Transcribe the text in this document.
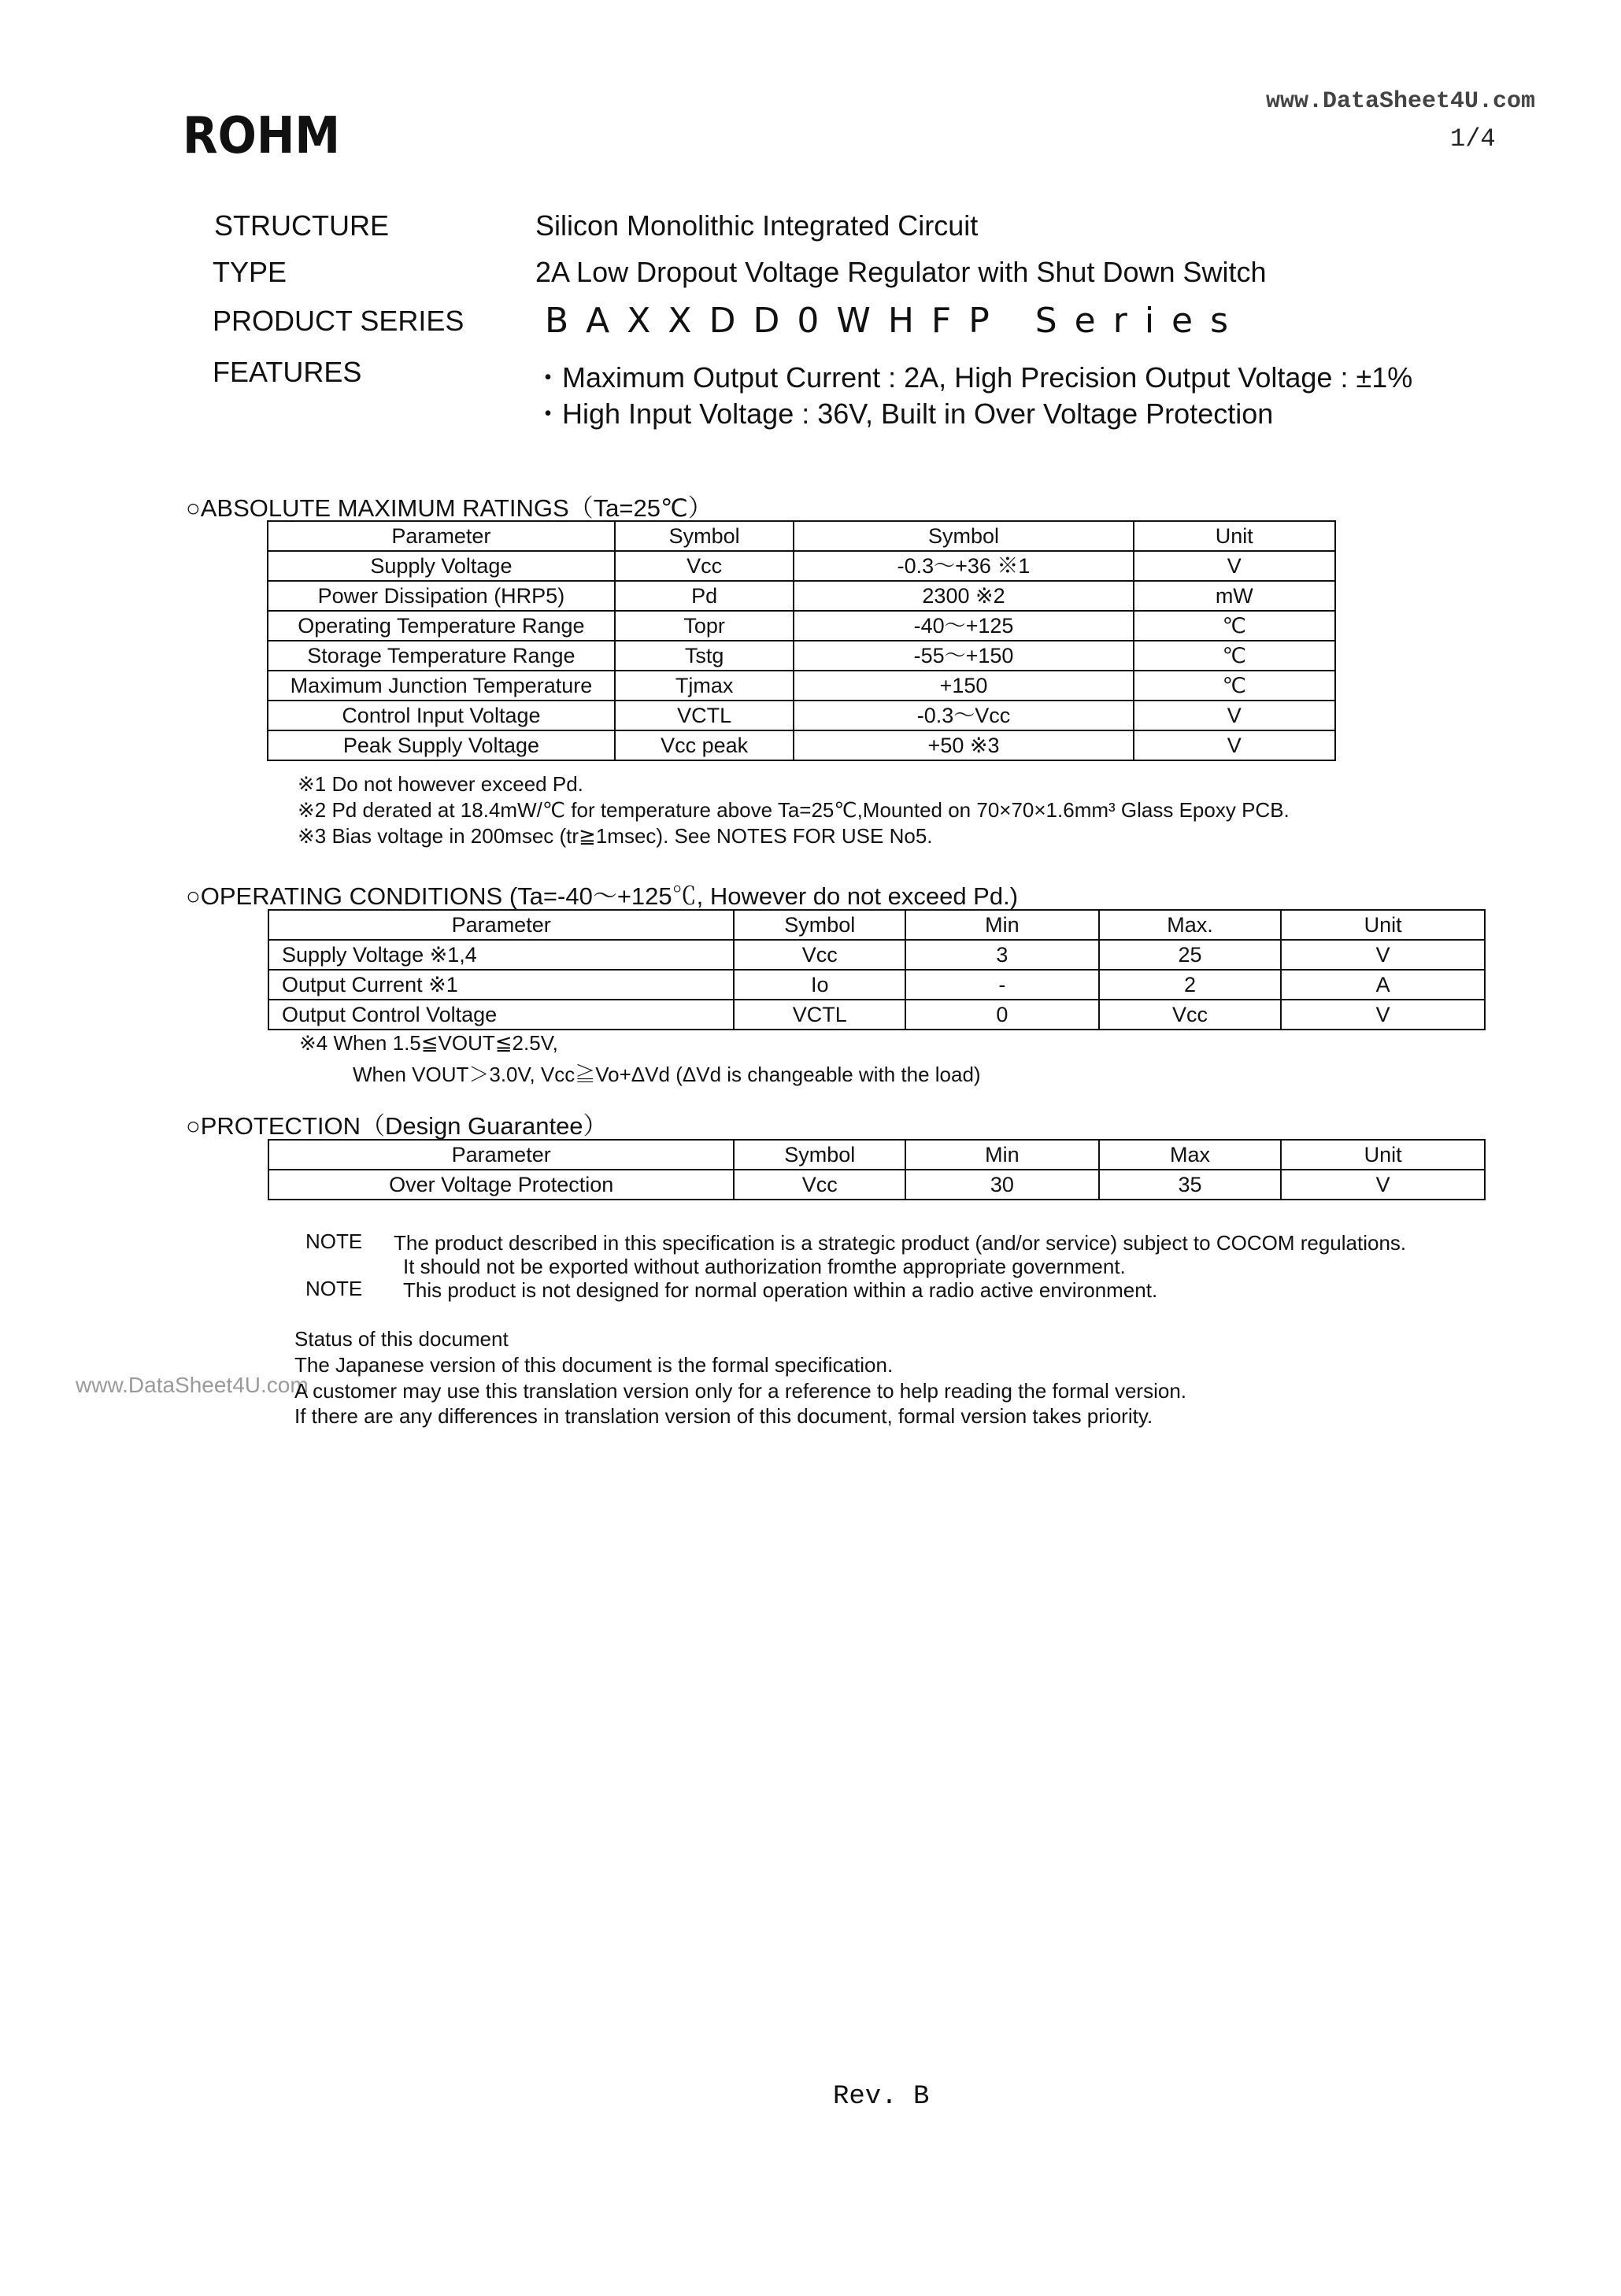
ROHM
www.DataSheet4U.com
1/4
STRUCTURE	Silicon Monolithic Integrated Circuit
TYPE	2A Low Dropout Voltage Regulator with Shut Down Switch
PRODUCT SERIES BAXXDD0WHFP Series
FEATURES	・Maximum Output Current : 2A, High Precision Output Voltage : ±1%
・High Input Voltage : 36V, Built in Over Voltage Protection
○ABSOLUTE MAXIMUM RATINGS（Ta=25℃）
Parameter	Symbol	Symbol	Unit
Supply Voltage	Vcc	-0.3～+36 ※1	V
Power Dissipation (HRP5)	Pd	2300 ※2	mW
Operating Temperature Range	Topr	-40～+125	℃
Storage Temperature Range	Tstg	-55～+150	℃
Maximum Junction Temperature	Tjmax	+150	℃
Control Input Voltage	VCTL	-0.3～Vcc	V
Peak Supply Voltage	Vcc peak	+50 ※3	V
※1 Do not however exceed Pd.
※2 Pd derated at 18.4mW/℃ for temperature above Ta=25℃,Mounted on 70×70×1.6mm³ Glass Epoxy PCB.
※3 Bias voltage in 200msec (tr≧1msec). See NOTES FOR USE No5.
○OPERATING CONDITIONS (Ta=-40～+125℃, However do not exceed Pd.)
Parameter	Symbol	Min	Max.	Unit
Supply Voltage ※1,4	Vcc	3	25	V
Output Current ※1	Io	-	2	A
Output Control Voltage	VCTL	0	Vcc	V
※4 When 1.5≦VOUT≦2.5V,
When VOUT＞3.0V, Vcc≧Vo+ΔVd (ΔVd is changeable with the load)
○PROTECTION（Design Guarantee）
Parameter	Symbol	Min	Max	Unit
Over Voltage Protection	Vcc	30	35	V
NOTE The product described in this specification is a strategic product (and/or service) subject to COCOM regulations.
It should not be exported without authorization fromthe appropriate government.
NOTE This product is not designed for normal operation within a radio active environment.
Status of this document
The Japanese version of this document is the formal specification.
www.DataSheet4U.com
A customer may use this translation version only for a reference to help reading the formal version.
If there are any differences in translation version of this document, formal version takes priority.
Rev. B
